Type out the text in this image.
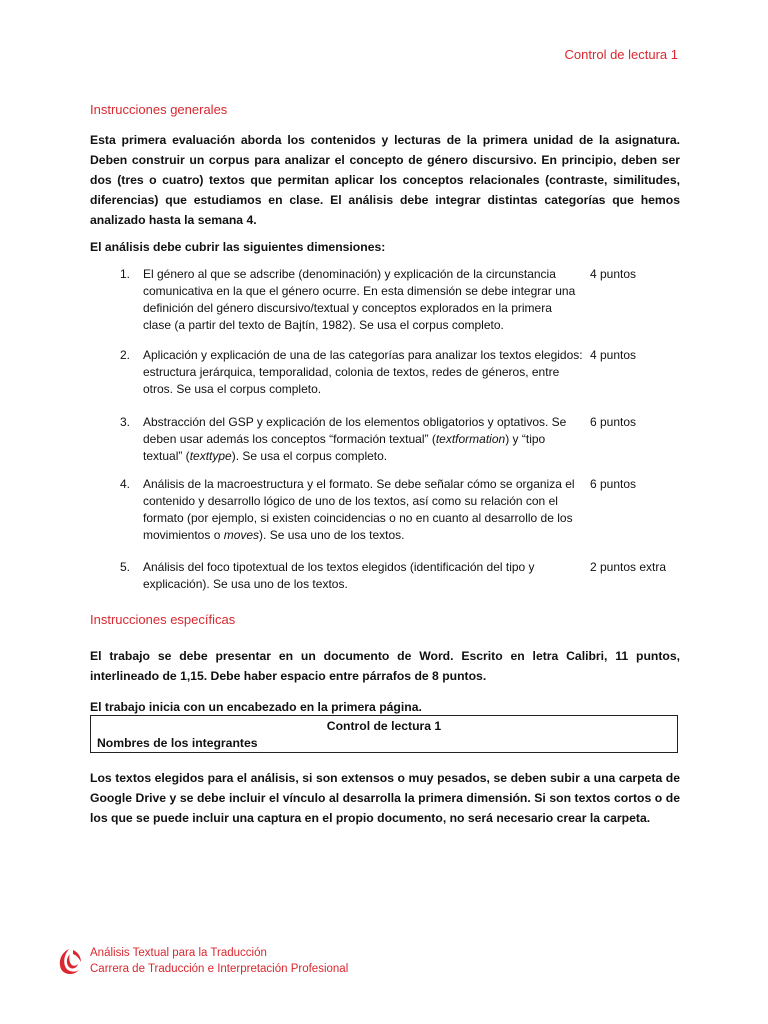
Control de lectura 1
Instrucciones generales
Esta primera evaluación aborda los contenidos y lecturas de la primera unidad de la asignatura. Deben construir un corpus para analizar el concepto de género discursivo. En principio, deben ser dos (tres o cuatro) textos que permitan aplicar los conceptos relacionales (contraste, similitudes, diferencias) que estudiamos en clase. El análisis debe integrar distintas categorías que hemos analizado hasta la semana 4.
El análisis debe cubrir las siguientes dimensiones:
1. El género al que se adscribe (denominación) y explicación de la circunstancia comunicativa en la que el género ocurre. En esta dimensión se debe integrar una definición del género discursivo/textual y conceptos explorados en la primera clase (a partir del texto de Bajtín, 1982). Se usa el corpus completo.
4 puntos
2. Aplicación y explicación de una de las categorías para analizar los textos elegidos: estructura jerárquica, temporalidad, colonia de textos, redes de géneros, entre otros. Se usa el corpus completo.
4 puntos
3. Abstracción del GSP y explicación de los elementos obligatorios y optativos. Se deben usar además los conceptos “formación textual” (textformation) y “tipo textual” (texttype). Se usa el corpus completo.
6 puntos
4. Análisis de la macroestructura y el formato. Se debe señalar cómo se organiza el contenido y desarrollo lógico de uno de los textos, así como su relación con el formato (por ejemplo, si existen coincidencias o no en cuanto al desarrollo de los movimientos o moves). Se usa uno de los textos.
6 puntos
5. Análisis del foco tipotextual de los textos elegidos (identificación del tipo y explicación). Se usa uno de los textos.
2 puntos extra
Instrucciones específicas
El trabajo se debe presentar en un documento de Word. Escrito en letra Calibri, 11 puntos, interlineado de 1,15. Debe haber espacio entre párrafos de 8 puntos.
El trabajo inicia con un encabezado en la primera página.
Control de lectura 1
Nombres de los integrantes
Los textos elegidos para el análisis, si son extensos o muy pesados, se deben subir a una carpeta de Google Drive y se debe incluir el vínculo al desarrolla la primera dimensión. Si son textos cortos o de los que se puede incluir una captura en el propio documento, no será necesario crear la carpeta.
Análisis Textual para la Traducción
Carrera de Traducción e Interpretación Profesional
